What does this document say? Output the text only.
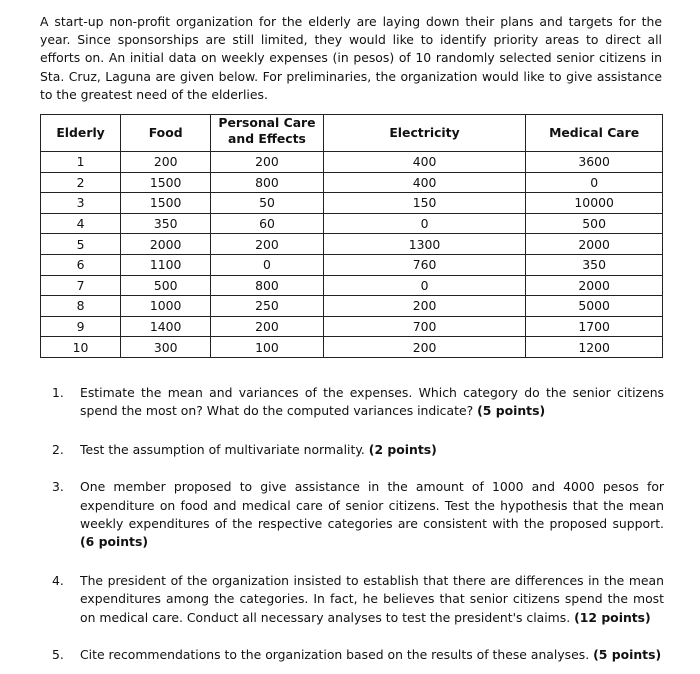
A start-up non-profit organization for the elderly are laying down their plans and targets for the year. Since sponsorships are still limited, they would like to identify priority areas to direct all efforts on. An initial data on weekly expenses (in pesos) of 10 randomly selected senior citizens in Sta. Cruz, Laguna are given below. For preliminaries, the organization would like to give assistance to the greatest need of the elderlies.

Elderly	Food	Personal Care and Effects	Electricity	Medical Care
1	200	200	400	3600
2	1500	800	400	0
3	1500	50	150	10000
4	350	60	0	500
5	2000	200	1300	2000
6	1100	0	760	350
7	500	800	0	2000
8	1000	250	200	5000
9	1400	200	700	1700
10	300	100	200	1200
1. Estimate the mean and variances of the expenses. Which category do the senior citizens spend the most on? What do the computed variances indicate? (5 points)
2. Test the assumption of multivariate normality. (2 points)
3. One member proposed to give assistance in the amount of 1000 and 4000 pesos for expenditure on food and medical care of senior citizens. Test the hypothesis that the mean weekly expenditures of the respective categories are consistent with the proposed support. (6 points)
4. The president of the organization insisted to establish that there are differences in the mean expenditures among the categories. In fact, he believes that senior citizens spend the most on medical care. Conduct all necessary analyses to test the president's claims. (12 points)
5. Cite recommendations to the organization based on the results of these analyses. (5 points)
